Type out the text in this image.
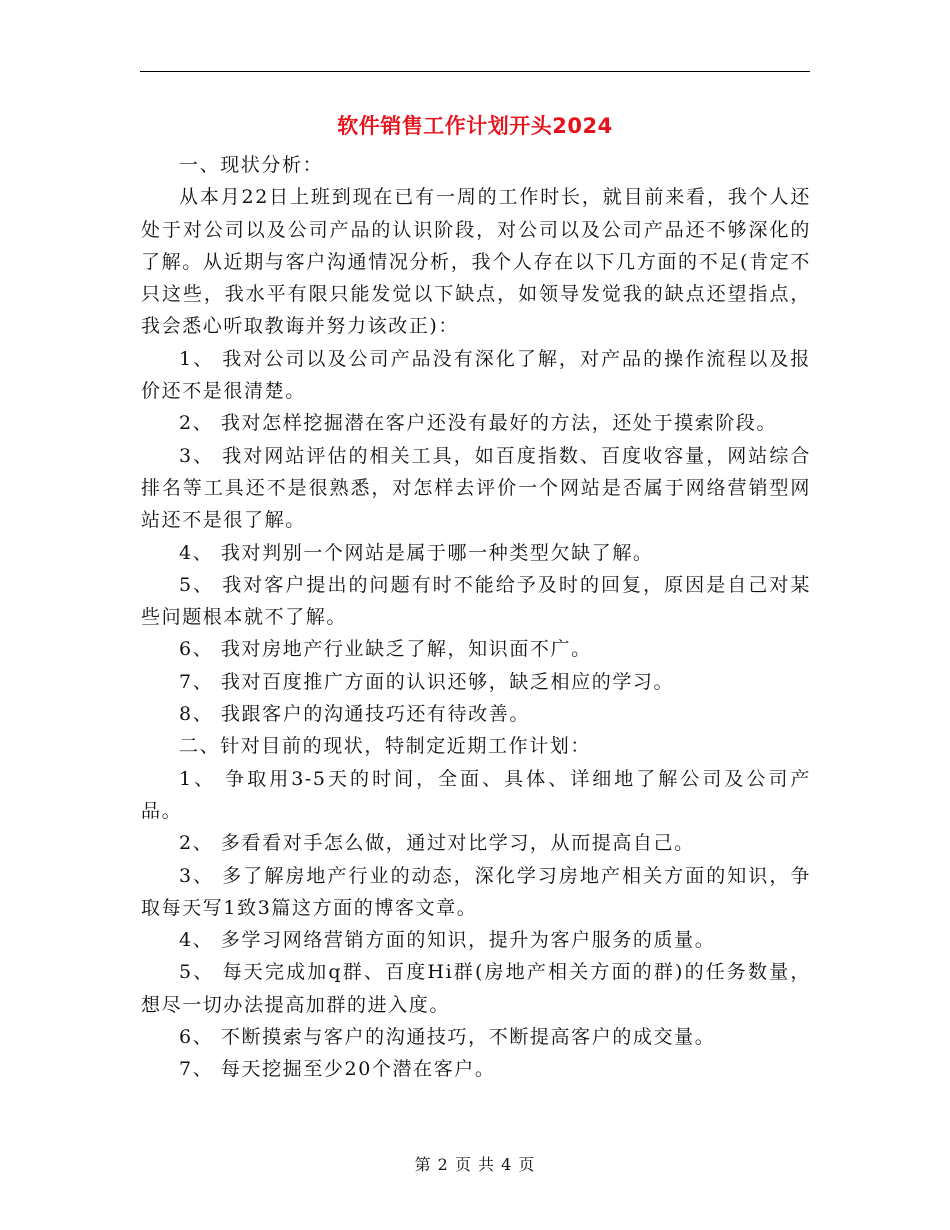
软件销售工作计划开头2024

一、现状分析：

从本月22日上班到现在已有一周的工作时长，就目前来看，我个人还处于对公司以及公司产品的认识阶段，对公司以及公司产品还不够深化的了解。从近期与客户沟通情况分析，我个人存在以下几方面的不足(肯定不只这些，我水平有限只能发觉以下缺点，如领导发觉我的缺点还望指点，我会悉心听取教诲并努力该改正)：

1、 我对公司以及公司产品没有深化了解，对产品的操作流程以及报价还不是很清楚。

2、 我对怎样挖掘潜在客户还没有最好的方法，还处于摸索阶段。

3、 我对网站评估的相关工具，如百度指数、百度收容量，网站综合排名等工具还不是很熟悉，对怎样去评价一个网站是否属于网络营销型网站还不是很了解。

4、 我对判别一个网站是属于哪一种类型欠缺了解。

5、 我对客户提出的问题有时不能给予及时的回复，原因是自己对某些问题根本就不了解。

6、 我对房地产行业缺乏了解，知识面不广。

7、 我对百度推广方面的认识还够，缺乏相应的学习。

8、 我跟客户的沟通技巧还有待改善。

二、针对目前的现状，特制定近期工作计划：

1、 争取用3-5天的时间，全面、具体、详细地了解公司及公司产品。

2、 多看看对手怎么做，通过对比学习，从而提高自己。

3、 多了解房地产行业的动态，深化学习房地产相关方面的知识，争取每天写1致3篇这方面的博客文章。

4、 多学习网络营销方面的知识，提升为客户服务的质量。

5、 每天完成加q群、百度Hi群(房地产相关方面的群)的任务数量，想尽一切办法提高加群的进入度。

6、 不断摸索与客户的沟通技巧，不断提高客户的成交量。

7、 每天挖掘至少20个潜在客户。

第 2 页 共 4 页
